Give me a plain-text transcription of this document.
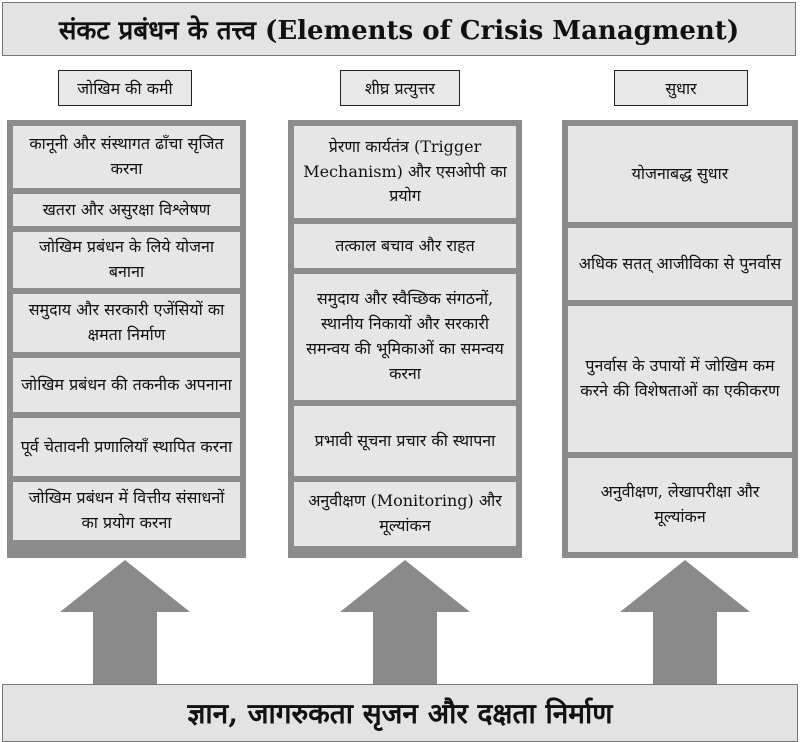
संकट प्रबंधन के तत्त्व (Elements of Crisis Managment)
जोखिम की कमी	शीघ्र प्रत्युत्तर	सुधार
कानूनी और संस्थागत ढाँचा सृजित करना
खतरा और असुरक्षा विश्लेषण
जोखिम प्रबंधन के लिये योजना बनाना
समुदाय और सरकारी एजेंसियों का क्षमता निर्माण
जोखिम प्रबंधन की तकनीक अपनाना
पूर्व चेतावनी प्रणालियाँ स्थापित करना
जोखिम प्रबंधन में वित्तीय संसाधनों का प्रयोग करना
प्रेरणा कार्यतंत्र (Trigger Mechanism) और एसओपी का प्रयोग
तत्काल बचाव और राहत
समुदाय और स्वैच्छिक संगठनों, स्थानीय निकायों और सरकारी समन्वय की भूमिकाओं का समन्वय करना
प्रभावी सूचना प्रचार की स्थापना
अनुवीक्षण (Monitoring) और मूल्यांकन
योजनाबद्ध सुधार
अधिक सतत् आजीविका से पुनर्वास
पुनर्वास के उपायों में जोखिम कम करने की विशेषताओं का एकीकरण
अनुवीक्षण, लेखापरीक्षा और मूल्यांकन
ज्ञान, जागरुकता सृजन और दक्षता निर्माण
